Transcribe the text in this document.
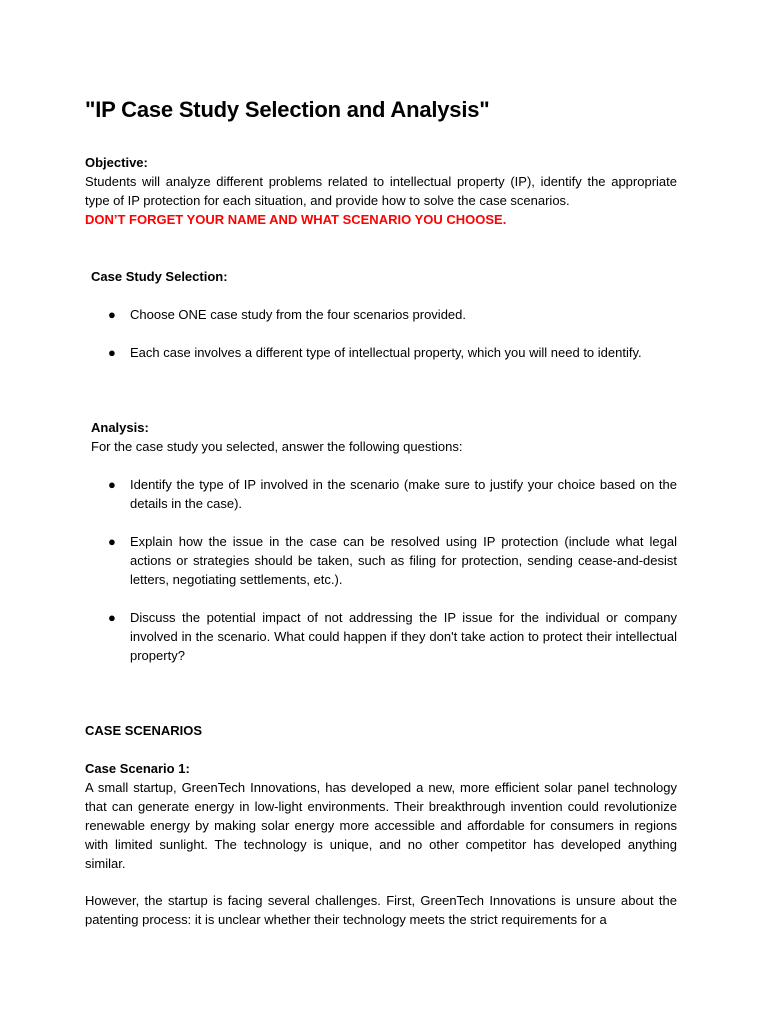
"IP Case Study Selection and Analysis"

Objective:

Students will analyze different problems related to intellectual property (IP), identify the appropriate type of IP protection for each situation, and provide how to solve the case scenarios.

DON’T FORGET YOUR NAME AND WHAT SCENARIO YOU CHOOSE.

Case Study Selection:

● Choose ONE case study from the four scenarios provided.
● Each case involves a different type of intellectual property, which you will need to identify.

Analysis:

For the case study you selected, answer the following questions:

● Identify the type of IP involved in the scenario (make sure to justify your choice based on the details in the case).
● Explain how the issue in the case can be resolved using IP protection (include what legal actions or strategies should be taken, such as filing for protection, sending cease-and-desist letters, negotiating settlements, etc.).
● Discuss the potential impact of not addressing the IP issue for the individual or company involved in the scenario. What could happen if they don't take action to protect their intellectual property?

CASE SCENARIOS

Case Scenario 1:

A small startup, GreenTech Innovations, has developed a new, more efficient solar panel technology that can generate energy in low-light environments. Their breakthrough invention could revolutionize renewable energy by making solar energy more accessible and affordable for consumers in regions with limited sunlight. The technology is unique, and no other competitor has developed anything similar.

However, the startup is facing several challenges. First, GreenTech Innovations is unsure about the patenting process: it is unclear whether their technology meets the strict requirements for a
